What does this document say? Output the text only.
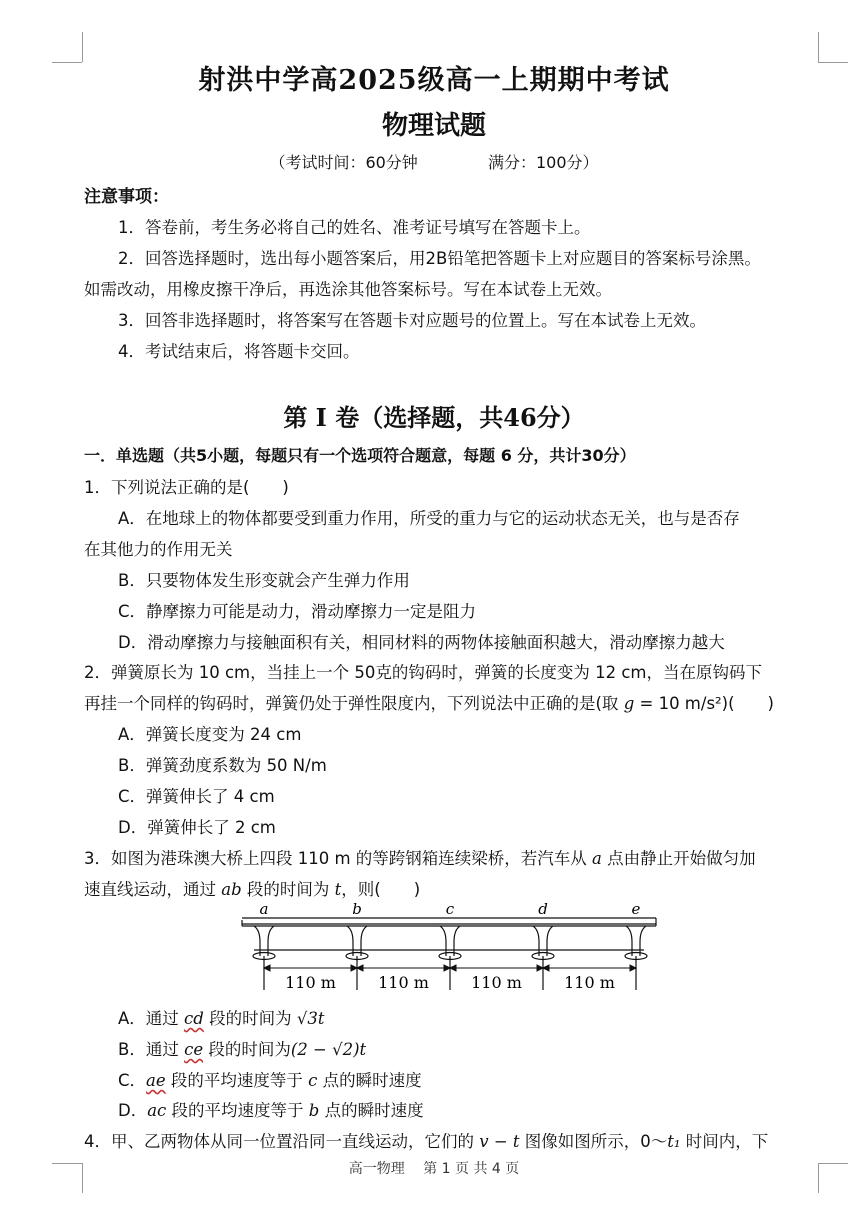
射洪中学高2025级高一上期期中考试
物理试题
（考试时间：60分钟	满分：100分）
注意事项：
1．答卷前，考生务必将自己的姓名、准考证号填写在答题卡上。
2．回答选择题时，选出每小题答案后，用2B铅笔把答题卡上对应题目的答案标号涂黑。
如需改动，用橡皮擦干净后，再选涂其他答案标号。写在本试卷上无效。
3．回答非选择题时，将答案写在答题卡对应题号的位置上。写在本试卷上无效。
4．考试结束后，将答题卡交回。
第 I 卷（选择题，共46分）
一．单选题（共5小题，每题只有一个选项符合题意，每题 6 分，共计30分）
1．下列说法正确的是(　　)
A．在地球上的物体都要受到重力作用，所受的重力与它的运动状态无关，也与是否存
在其他力的作用无关
B．只要物体发生形变就会产生弹力作用
C．静摩擦力可能是动力，滑动摩擦力一定是阻力
D．滑动摩擦力与接触面积有关，相同材料的两物体接触面积越大，滑动摩擦力越大
2．弹簧原长为 10 cm，当挂上一个 50克的钩码时，弹簧的长度变为 12 cm，当在原钩码下
再挂一个同样的钩码时，弹簧仍处于弹性限度内，下列说法中正确的是(取 g = 10 m/s²)(　　)
A．弹簧长度变为 24 cm
B．弹簧劲度系数为 50 N/m
C．弹簧伸长了 4 cm
D．弹簧伸长了 2 cm
3．如图为港珠澳大桥上四段 110 m 的等跨钢箱连续梁桥，若汽车从 a 点由静止开始做匀加
速直线运动，通过 ab 段的时间为 t，则(　　)
a	b	c	d	e
110 m	110 m	110 m	110 m
A．通过 cd 段的时间为 √3t
B．通过 ce 段的时间为(2 − √2)t
C．ae 段的平均速度等于 c 点的瞬时速度
D．ac 段的平均速度等于 b 点的瞬时速度
4．甲、乙两物体从同一位置沿同一直线运动，它们的 v − t 图像如图所示，0～t₁ 时间内，下
高一物理　 第 1 页 共 4 页
